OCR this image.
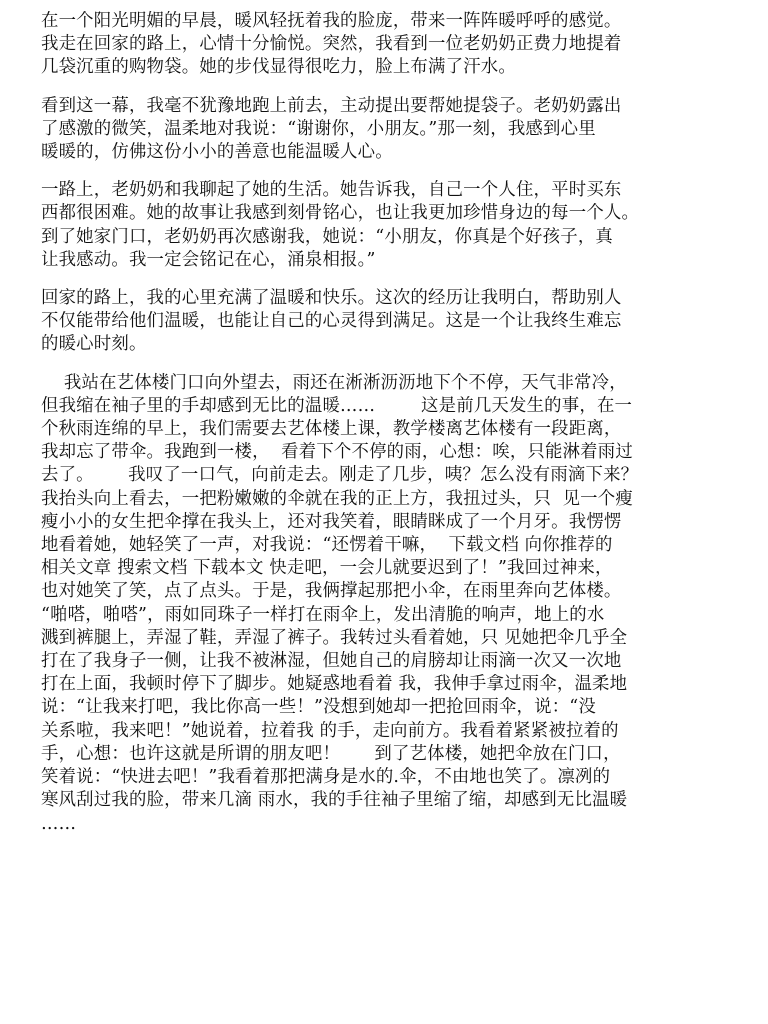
在一个阳光明媚的早晨，暖风轻抚着我的脸庞，带来一阵阵暖呼呼的感觉。
我走在回家的路上，心情十分愉悦。突然，我看到一位老奶奶正费力地提着
几袋沉重的购物袋。她的步伐显得很吃力，脸上布满了汗水。

看到这一幕，我毫不犹豫地跑上前去，主动提出要帮她提袋子。老奶奶露出
了感激的微笑，温柔地对我说：“谢谢你，小朋友。”那一刻，我感到心里
暖暖的，仿佛这份小小的善意也能温暖人心。

一路上，老奶奶和我聊起了她的生活。她告诉我，自己一个人住，平时买东
西都很困难。她的故事让我感到刻骨铭心，也让我更加珍惜身边的每一个人。
到了她家门口，老奶奶再次感谢我，她说：“小朋友，你真是个好孩子，真
让我感动。我一定会铭记在心，涌泉相报。”

回家的路上，我的心里充满了温暖和快乐。这次的经历让我明白，帮助别人
不仅能带给他们温暖，也能让自己的心灵得到满足。这是一个让我终生难忘
的暖心时刻。

我站在艺体楼门口向外望去，雨还在淅淅沥沥地下个不停，天气非常冷，
但我缩在袖子里的手却感到无比的温暖……        这是前几天发生的事，在一
个秋雨连绵的早上，我们需要去艺体楼上课，教学楼离艺体楼有一段距离，
我却忘了带伞。我跑到一楼，  看着下个不停的雨，心想：唉，只能淋着雨过
去了。      我叹了一口气，向前走去。刚走了几步，咦？怎么没有雨滴下来？
我抬头向上看去，一把粉嫩嫩的伞就在我的正上方，我扭过头，只  见一个瘦
瘦小小的女生把伞撑在我头上，还对我笑着，眼睛眯成了一个月牙。我愣愣
地看着她，她轻笑了一声，对我说：“还愣着干嘛，  下载文档 向你推荐的
相关文章 搜索文档 下载本文 快走吧，一会儿就要迟到了！”我回过神来，
也对她笑了笑，点了点头。于是，我俩撑起那把小伞，在雨里奔向艺体楼。
“啪嗒，啪嗒”，雨如同珠子一样打在雨伞上，发出清脆的响声，地上的水
溅到裤腿上，弄湿了鞋，弄湿了裤子。我转过头看着她，只 见她把伞几乎全
打在了我身子一侧，让我不被淋湿，但她自己的肩膀却让雨滴一次又一次地
打在上面，我顿时停下了脚步。她疑惑地看着 我，我伸手拿过雨伞，温柔地
说：“让我来打吧，我比你高一些！”没想到她却一把抢回雨伞，说：“没
关系啦，我来吧！”她说着，拉着我 的手，走向前方。我看着紧紧被拉着的
手，心想：也许这就是所谓的朋友吧！      到了艺体楼，她把伞放在门口，
笑着说：“快进去吧！”我看着那把满身是水的.伞，不由地也笑了。凛冽的
寒风刮过我的脸，带来几滴 雨水，我的手往袖子里缩了缩，却感到无比温暖
……
